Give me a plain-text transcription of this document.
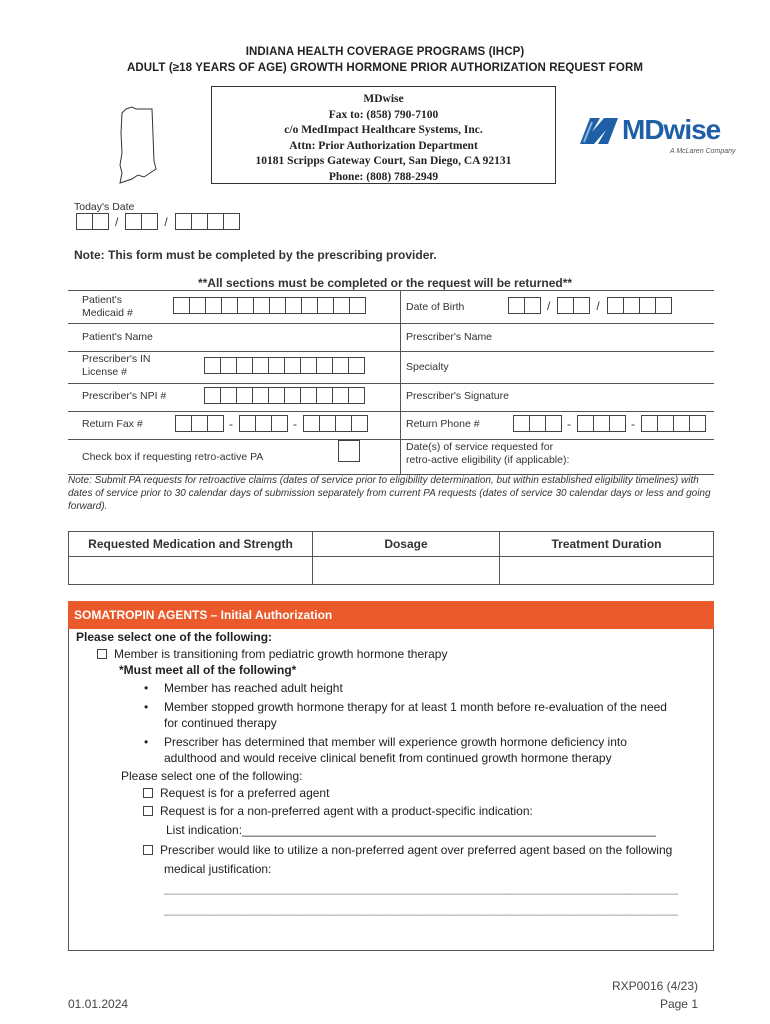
INDIANA HEALTH COVERAGE PROGRAMS (IHCP)
ADULT (≥18 YEARS OF AGE) GROWTH HORMONE PRIOR AUTHORIZATION REQUEST FORM
MDwise
Fax to: (858) 790-7100
c/o MedImpact Healthcare Systems, Inc.
Attn: Prior Authorization Department
10181 Scripps Gateway Court, San Diego, CA 92131
Phone: (808) 788-2949
MDwise
A McLaren Company
Today's Date
/	/
Note: This form must be completed by the prescribing provider.
**All sections must be completed or the request will be returned**
Patient's
Medicaid #	Date of Birth	/	/
Patient's Name	Prescriber's Name
Prescriber's IN
License #	Specialty
Prescriber's NPI #	Prescriber's Signature
Return Fax #	-	-	Return Phone #	-	-
Check box if requesting retro-active PA
Date(s) of service requested for
retro-active eligibility (if applicable):
Note: Submit PA requests for retroactive claims (dates of service prior to eligibility determination, but within established eligibility timelines) with dates of service prior to 30 calendar days of submission separately from current PA requests (dates of service 30 calendar days or less and going forward).
Requested Medication and Strength	Dosage	Treatment Duration
SOMATROPIN AGENTS – Initial Authorization
Please select one of the following:
Member is transitioning from pediatric growth hormone therapy
*Must meet all of the following*
• Member has reached adult height
• Member stopped growth hormone therapy for at least 1 month before re-evaluation of the need
for continued therapy
• Prescriber has determined that member will experience growth hormone deficiency into
adulthood and would receive clinical benefit from continued growth hormone therapy
Please select one of the following:
Request is for a preferred agent
Request is for a non-preferred agent with a product-specific indication:
List indication:______________________________________________________________
Prescriber would like to utilize a non-preferred agent over preferred agent based on the following
medical justification:
_____________________________________________________________________________
_____________________________________________________________________________
01.01.2024
RXP0016 (4/23)
Page 1
